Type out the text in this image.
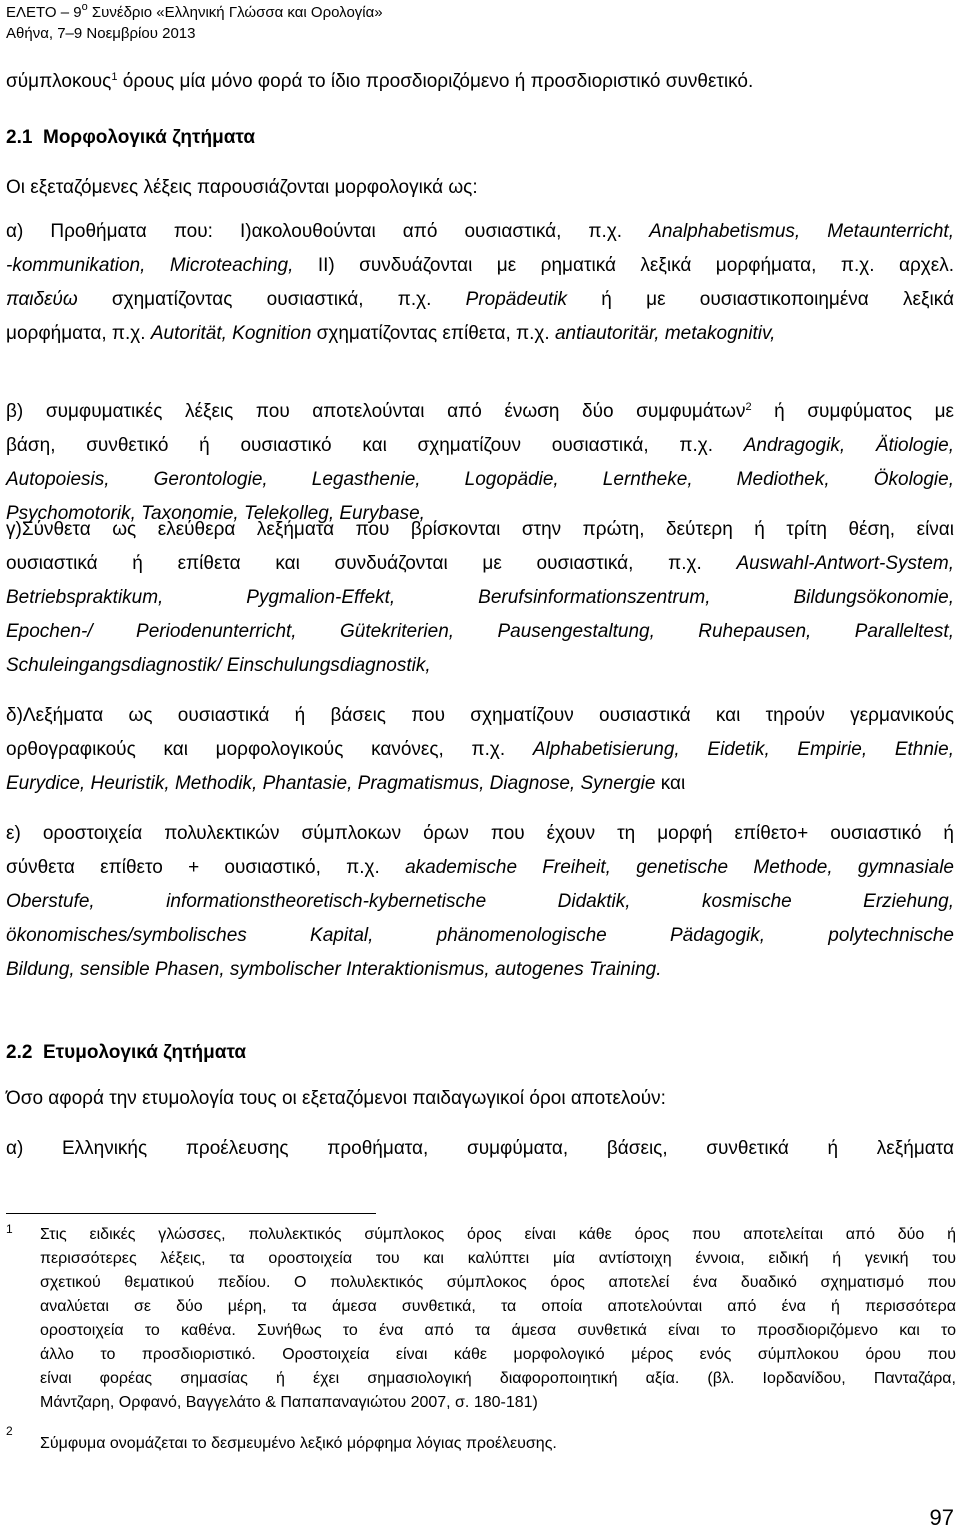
ΕΛΕΤΟ – $9^o$ Συνέδριο «Ελληνική Γλώσσα και Ορολογία»
Αθήνα, 7–9 Νοεμβρίου 2013
σύμπλοκους$^1$ όρους μία μόνο φορά το ίδιο προσδιοριζόμενο ή προσδιοριστικό συνθετικό.
2.1 Μορφολογικά ζητήματα
Οι εξεταζόμενες λέξεις παρουσιάζονται μορφολογικά ως:
α) Προθήματα που: I)ακολουθούνται από ουσιαστικά, π.χ. Analphabetismus, Metaunterricht,
-kommunikation, Microteaching, II) συνδυάζονται με ρηματικά λεξικά μορφήματα, π.χ. αρχελ.
παιδεύω σχηματίζοντας ουσιαστικά, π.χ. Propädeutik ή με ουσιαστικοποιημένα λεξικά
μορφήματα, π.χ. Autorität, Kognition σχηματίζοντας επίθετα, π.χ. antiautoritär, metakognitiv,
β) συμφυματικές λέξεις που αποτελούνται από ένωση δύο συμφυμάτων$^2$ ή συμφύματος με
βάση, συνθετικό ή ουσιαστικό και σχηματίζουν ουσιαστικά, π.χ. Andragogik, Ätiologie,
Autopoiesis, Gerontologie, Legasthenie, Logopädie, Lerntheke, Mediothek, Ökologie,
Psychomotorik, Taxonomie, Telekolleg, Eurybase,
γ)Σύνθετα ως ελεύθερα λεξήματα που βρίσκονται στην πρώτη, δεύτερη ή τρίτη θέση, είναι
ουσιαστικά ή επίθετα και συνδυάζονται με ουσιαστικά, π.χ. Auswahl-Antwort-System,
Betriebspraktikum, Pygmalion-Effekt, Berufsinformationszentrum, Bildungsökonomie,
Epochen-/ Periodenunterricht, Gütekriterien, Pausengestaltung, Ruhepausen, Paralleltest,
Schuleingangsdiagnostik/ Einschulungsdiagnostik,
δ)Λεξήματα ως ουσιαστικά ή βάσεις που σχηματίζουν ουσιαστικά και τηρούν γερμανικούς
ορθογραφικούς και μορφολογικούς κανόνες, π.χ. Alphabetisierung, Eidetik, Empirie, Ethnie,
Eurydice, Heuristik, Methodik, Phantasie, Pragmatismus, Diagnose, Synergie και
ε) οροστοιχεία πολυλεκτικών σύμπλοκων όρων που έχουν τη μορφή επίθετο+ ουσιαστικό ή
σύνθετα επίθετο + ουσιαστικό, π.χ. akademische Freiheit, genetische Methode, gymnasiale
Oberstufe, informationstheoretisch-kybernetische Didaktik, kosmische Erziehung,
ökonomisches/symbolisches Kapital, phänomenologische Pädagogik, polytechnische
Bildung, sensible Phasen, symbolischer Interaktionismus, autogenes Training.
2.2 Ετυμολογικά ζητήματα
Όσο αφορά την ετυμολογία τους οι εξεταζόμενοι παιδαγωγικοί όροι αποτελούν:
α) Ελληνικής προέλευσης προθήματα, συμφύματα, βάσεις, συνθετικά ή λεξήματα
1 Στις ειδικές γλώσσες, πολυλεκτικός σύμπλοκος όρος είναι κάθε όρος που αποτελείται από δύο ή
περισσότερες λέξεις, τα οροστοιχεία του και καλύπτει μία αντίστοιχη έννοια, ειδική ή γενική του
σχετικού θεματικού πεδίου. Ο πολυλεκτικός σύμπλοκος όρος αποτελεί ένα δυαδικό σχηματισμό που
αναλύεται σε δύο μέρη, τα άμεσα συνθετικά, τα οποία αποτελούνται από ένα ή περισσότερα
οροστοιχεία το καθένα. Συνήθως το ένα από τα άμεσα συνθετικά είναι το προσδιοριζόμενο και το
άλλο το προσδιοριστικό. Οροστοιχεία είναι κάθε μορφολογικό μέρος ενός σύμπλοκου όρου που
είναι φορέας σημασίας ή έχει σημασιολογική διαφοροποιητική αξία. (βλ. Ιορδανίδου, Πανταζάρα,
Μάντζαρη, Ορφανό, Βαγγελάτο & Παπαπαναγιώτου 2007, σ. 180-181)
2
Σύμφυμα ονομάζεται το δεσμευμένο λεξικό μόρφημα λόγιας προέλευσης.
97
